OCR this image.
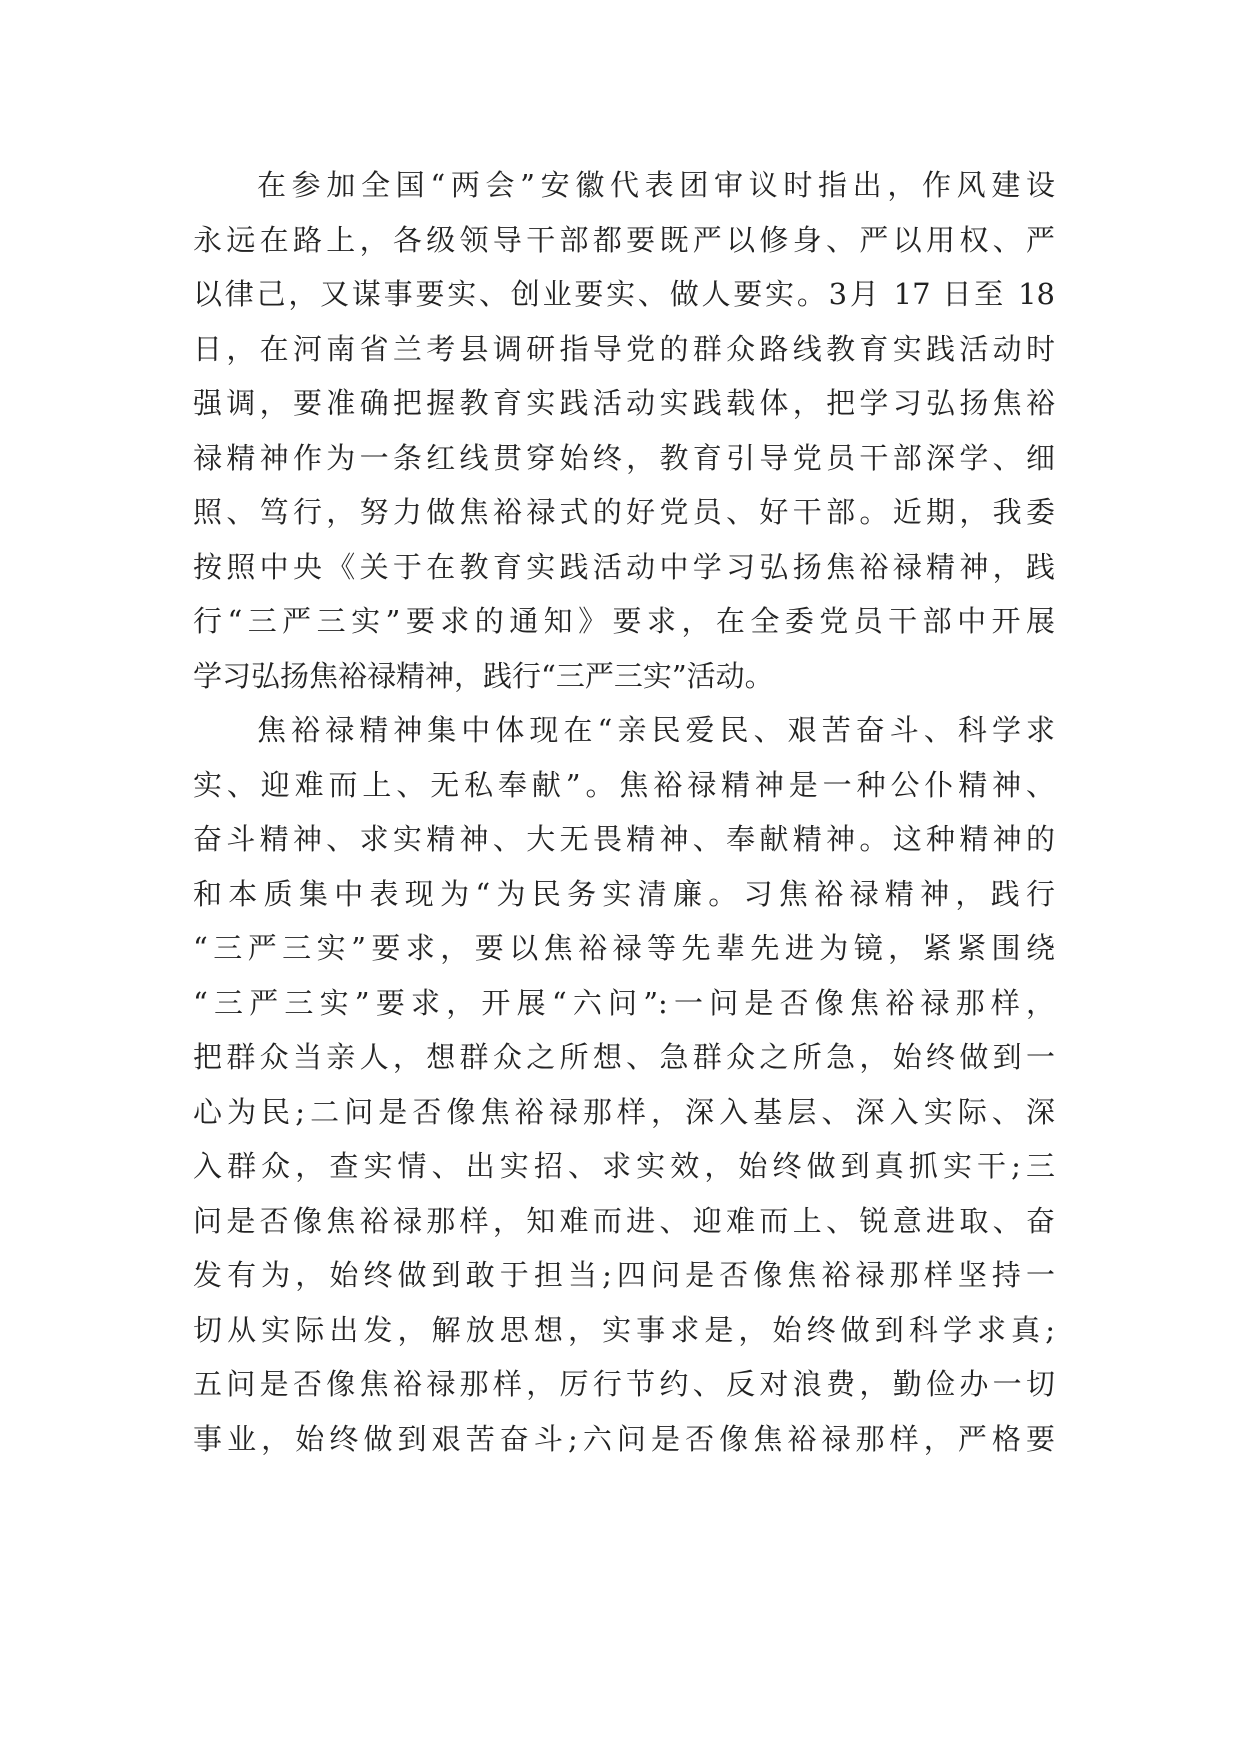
在参加全国“两会”安徽代表团审议时指出，作风建设
永远在路上，各级领导干部都要既严以修身、严以用权、严
以律己，又谋事要实、创业要实、做人要实。3月 17 日至 18
日，在河南省兰考县调研指导党的群众路线教育实践活动时
强调，要准确把握教育实践活动实践载体，把学习弘扬焦裕
禄精神作为一条红线贯穿始终，教育引导党员干部深学、细
照、笃行，努力做焦裕禄式的好党员、好干部。近期，我委
按照中央《关于在教育实践活动中学习弘扬焦裕禄精神，践
行“三严三实”要求的通知》要求，在全委党员干部中开展
学习弘扬焦裕禄精神，践行“三严三实”活动。
焦裕禄精神集中体现在“亲民爱民、艰苦奋斗、科学求
实、迎难而上、无私奉献”。焦裕禄精神是一种公仆精神、
奋斗精神、求实精神、大无畏精神、奉献精神。这种精神的
和本质集中表现为“为民务实清廉。习焦裕禄精神，践行
“三严三实”要求，要以焦裕禄等先辈先进为镜，紧紧围绕
“三严三实”要求，开展“六问”:一问是否像焦裕禄那样，
把群众当亲人，想群众之所想、急群众之所急，始终做到一
心为民;二问是否像焦裕禄那样，深入基层、深入实际、深
入群众，查实情、出实招、求实效，始终做到真抓实干;三
问是否像焦裕禄那样，知难而进、迎难而上、锐意进取、奋
发有为，始终做到敢于担当;四问是否像焦裕禄那样坚持一
切从实际出发，解放思想，实事求是，始终做到科学求真;
五问是否像焦裕禄那样，厉行节约、反对浪费，勤俭办一切
事业，始终做到艰苦奋斗;六问是否像焦裕禄那样，严格要
